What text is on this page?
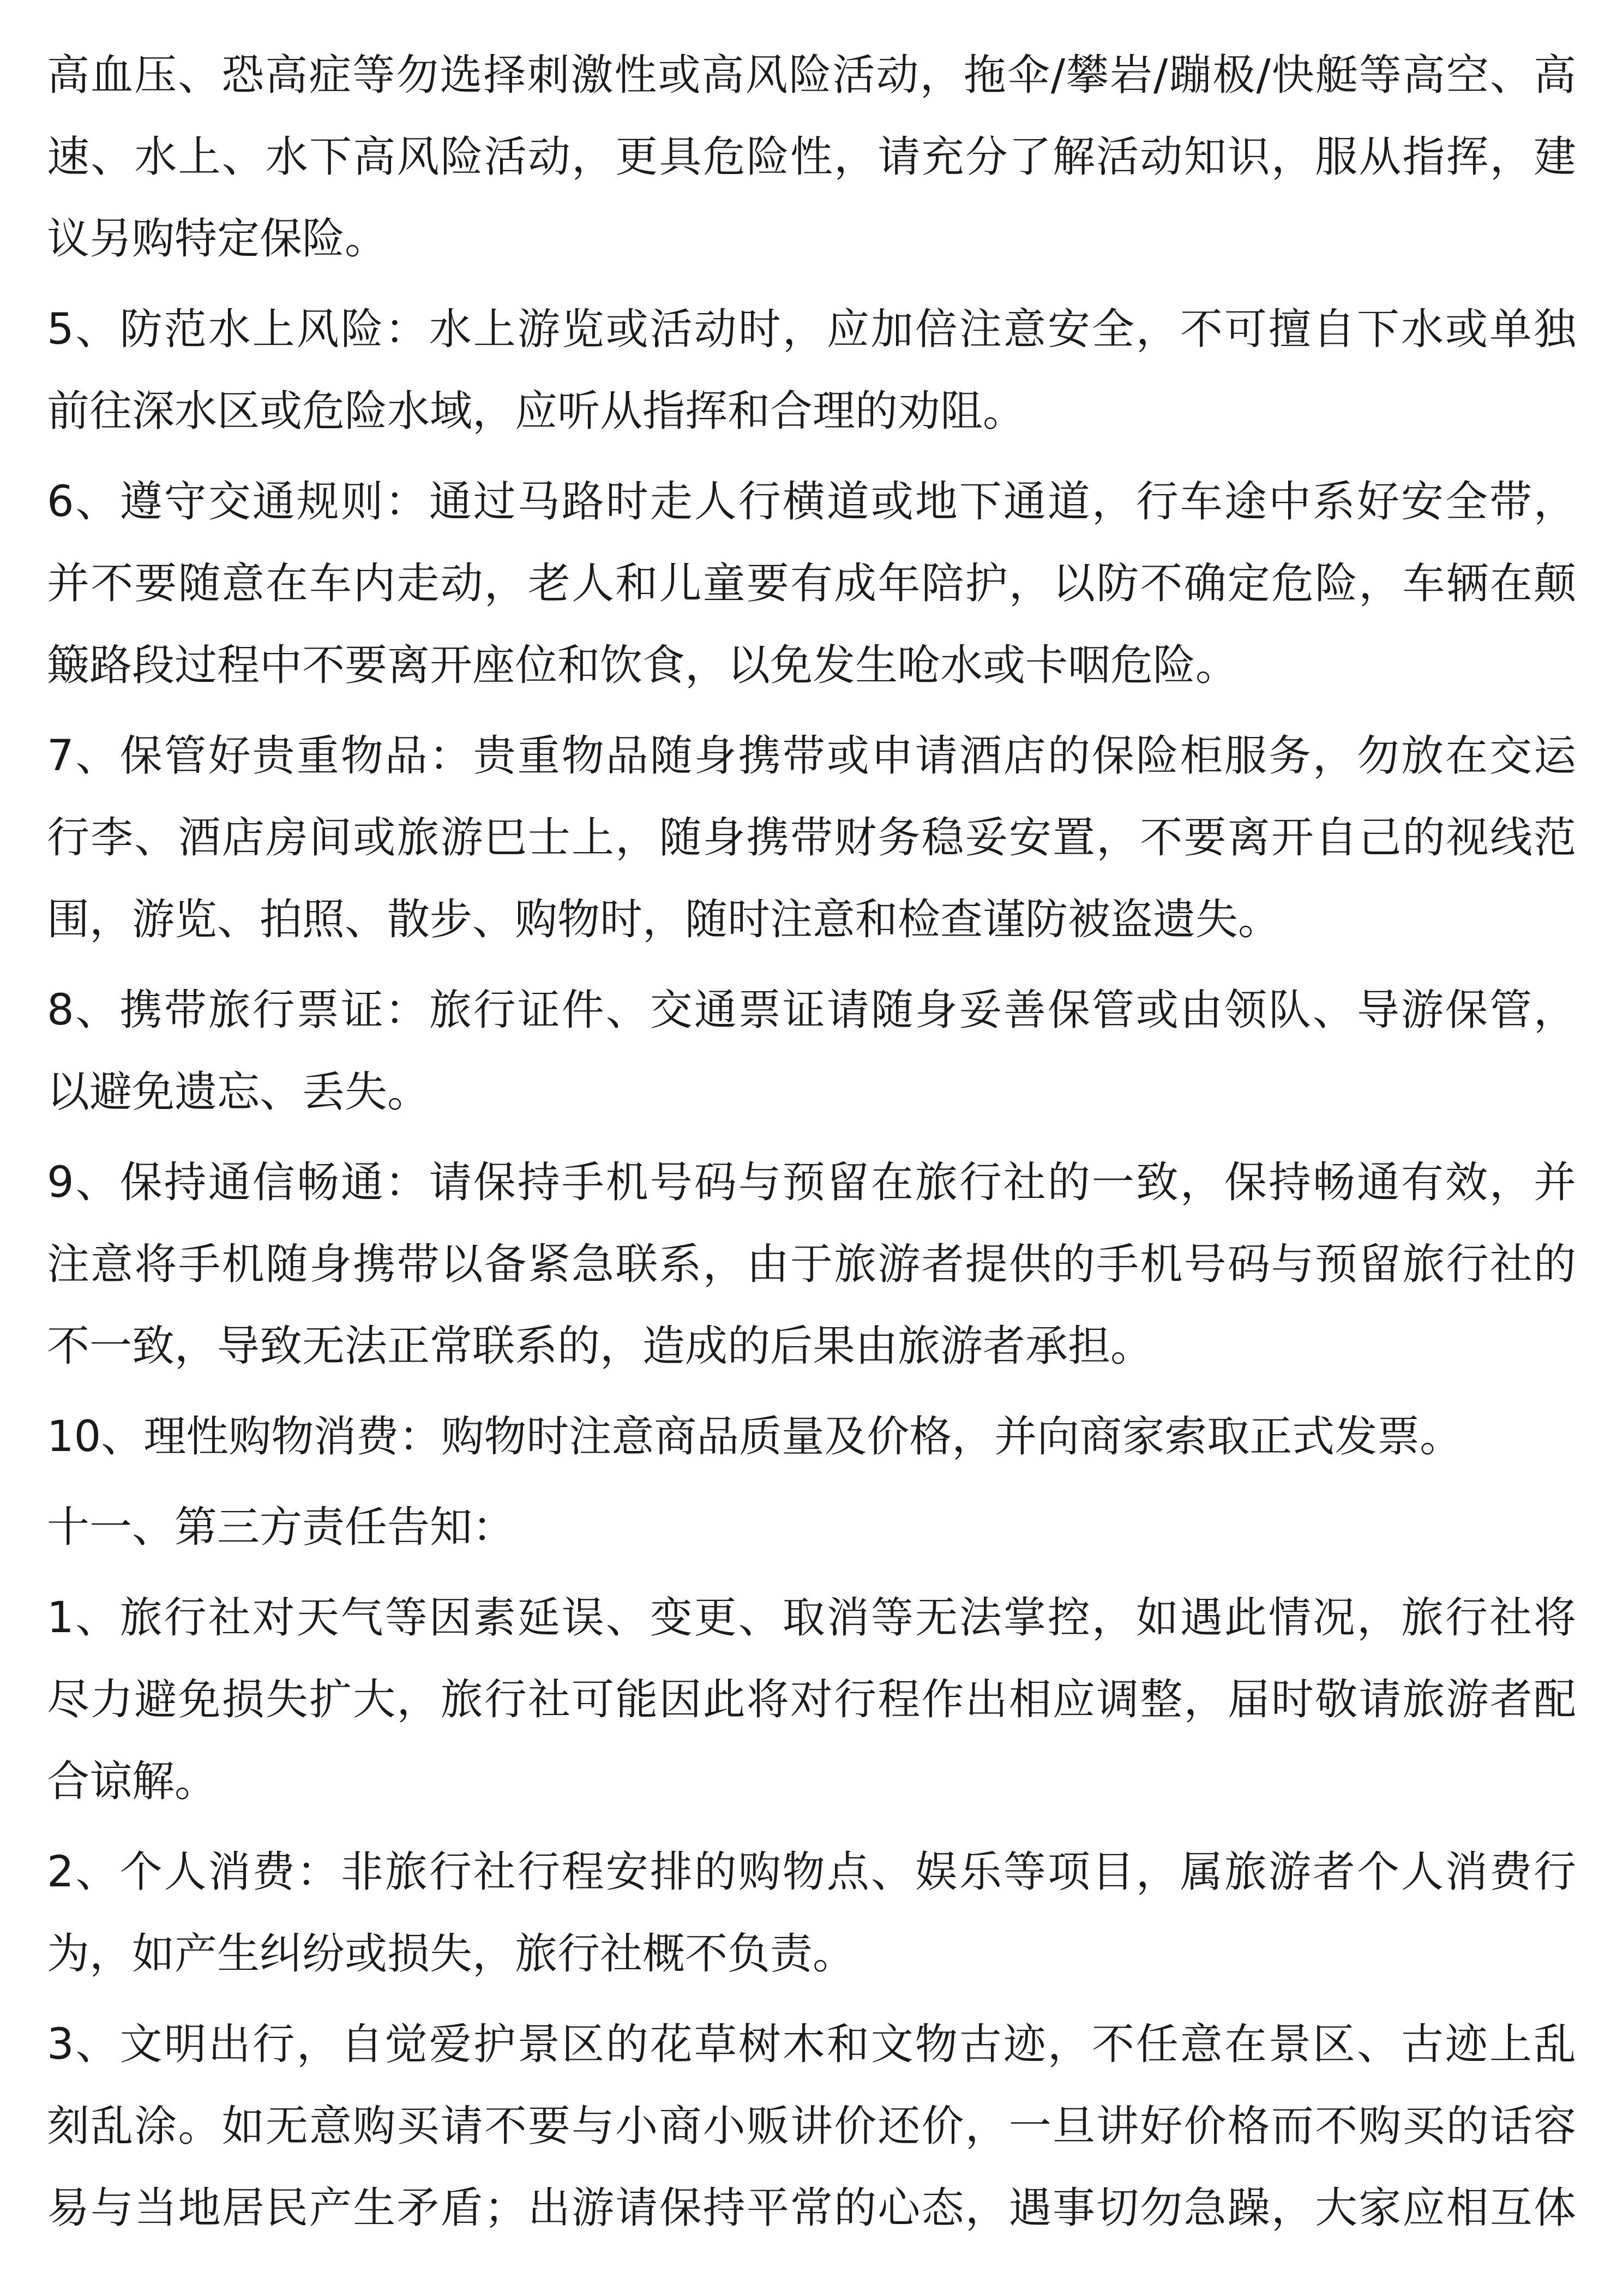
高血压、恐高症等勿选择刺激性或高风险活动，拖伞/攀岩/蹦极/快艇等高空、高
速、水上、水下高风险活动，更具危险性，请充分了解活动知识，服从指挥，建
议另购特定保险。
5、防范水上风险：水上游览或活动时，应加倍注意安全，不可擅自下水或单独
前往深水区或危险水域，应听从指挥和合理的劝阻。
6、遵守交通规则：通过马路时走人行横道或地下通道，行车途中系好安全带，
并不要随意在车内走动，老人和儿童要有成年陪护，以防不确定危险，车辆在颠
簸路段过程中不要离开座位和饮食，以免发生呛水或卡咽危险。
7、保管好贵重物品：贵重物品随身携带或申请酒店的保险柜服务，勿放在交运
行李、酒店房间或旅游巴士上，随身携带财务稳妥安置，不要离开自己的视线范
围，游览、拍照、散步、购物时，随时注意和检查谨防被盗遗失。
8、携带旅行票证：旅行证件、交通票证请随身妥善保管或由领队、导游保管，
以避免遗忘、丢失。
9、保持通信畅通：请保持手机号码与预留在旅行社的一致，保持畅通有效，并
注意将手机随身携带以备紧急联系，由于旅游者提供的手机号码与预留旅行社的
不一致，导致无法正常联系的，造成的后果由旅游者承担。
10、理性购物消费：购物时注意商品质量及价格，并向商家索取正式发票。
十一、第三方责任告知：
1、旅行社对天气等因素延误、变更、取消等无法掌控，如遇此情况，旅行社将
尽力避免损失扩大，旅行社可能因此将对行程作出相应调整，届时敬请旅游者配
合谅解。
2、个人消费：非旅行社行程安排的购物点、娱乐等项目，属旅游者个人消费行
为，如产生纠纷或损失，旅行社概不负责。
3、文明出行，自觉爱护景区的花草树木和文物古迹，不任意在景区、古迹上乱
刻乱涂。如无意购买请不要与小商小贩讲价还价，一旦讲好价格而不购买的话容
易与当地居民产生矛盾；出游请保持平常的心态，遇事切勿急躁，大家应相互体
